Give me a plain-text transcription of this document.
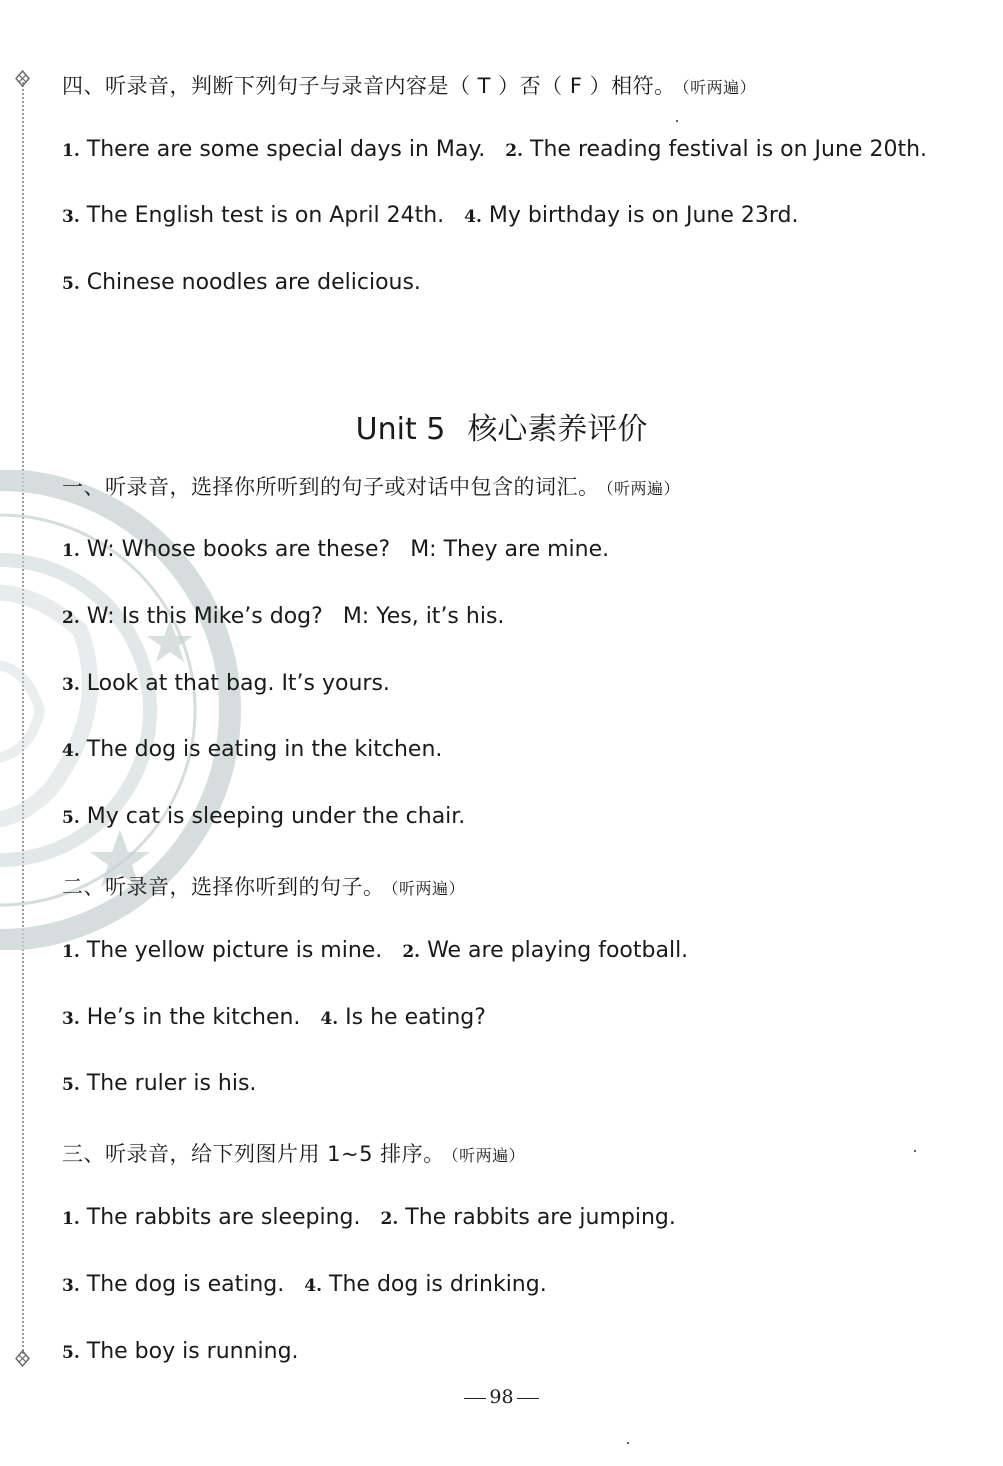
四、听录音，判断下列句子与录音内容是（ T ）否（ F ）相符。 （听两遍）

1. There are some special days in May. 2. The reading festival is on June 20th.

3. The English test is on April 24th. 4. My birthday is on June 23rd.

5. Chinese noodles are delicious.

Unit 5 核心素养评价

一、听录音，选择你所听到的句子或对话中包含的词汇。 （听两遍）

1. W: Whose books are these? M: They are mine.

2. W: Is this Mike’s dog? M: Yes, it’s his.

3. Look at that bag. It’s yours.

4. The dog is eating in the kitchen.

5. My cat is sleeping under the chair.

二、听录音，选择你听到的句子。 （听两遍）

1. The yellow picture is mine. 2. We are playing football.

3. He’s in the kitchen. 4. Is he eating?

5. The ruler is his.

三、听录音，给下列图片用 1~5 排序。 （听两遍）

1. The rabbits are sleeping. 2. The rabbits are jumping.

3. The dog is eating. 4. The dog is drinking.

5. The boy is running.

98
